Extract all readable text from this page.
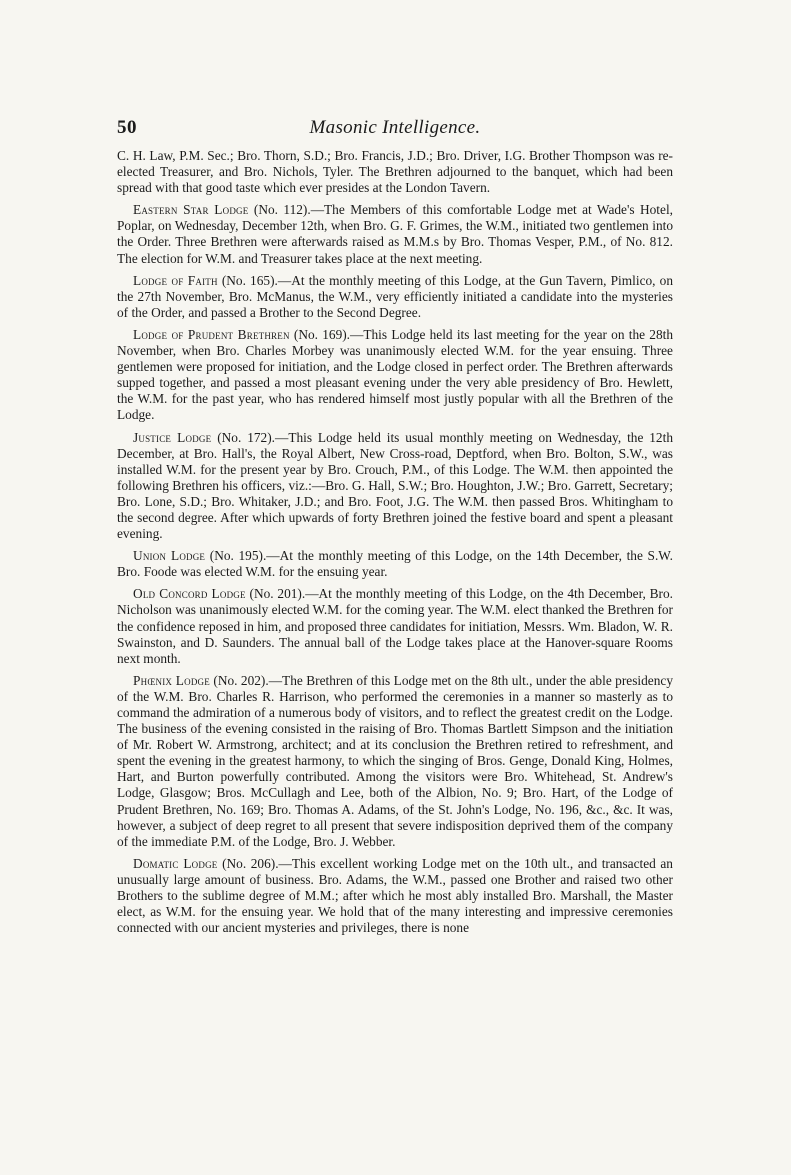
50	Masonic Intelligence.

C. H. Law, P.M. Sec.; Bro. Thorn, S.D.; Bro. Francis, J.D.; Bro. Driver, I.G. Brother Thompson was re-elected Treasurer, and Bro. Nichols, Tyler. The Brethren adjourned to the banquet, which had been spread with that good taste which ever presides at the London Tavern.

Eastern Star Lodge (No. 112).—The Members of this comfortable Lodge met at Wade's Hotel, Poplar, on Wednesday, December 12th, when Bro. G. F. Grimes, the W.M., initiated two gentlemen into the Order. Three Brethren were afterwards raised as M.M.s by Bro. Thomas Vesper, P.M., of No. 812. The election for W.M. and Treasurer takes place at the next meeting.

Lodge of Faith (No. 165).—At the monthly meeting of this Lodge, at the Gun Tavern, Pimlico, on the 27th November, Bro. McManus, the W.M., very efficiently initiated a candidate into the mysteries of the Order, and passed a Brother to the Second Degree.

Lodge of Prudent Brethren (No. 169).—This Lodge held its last meeting for the year on the 28th November, when Bro. Charles Morbey was unanimously elected W.M. for the year ensuing. Three gentlemen were proposed for initiation, and the Lodge closed in perfect order. The Brethren afterwards supped together, and passed a most pleasant evening under the very able presidency of Bro. Hewlett, the W.M. for the past year, who has rendered himself most justly popular with all the Brethren of the Lodge.

Justice Lodge (No. 172).—This Lodge held its usual monthly meeting on Wednesday, the 12th December, at Bro. Hall's, the Royal Albert, New Cross-road, Deptford, when Bro. Bolton, S.W., was installed W.M. for the present year by Bro. Crouch, P.M., of this Lodge. The W.M. then appointed the following Brethren his officers, viz.:—Bro. G. Hall, S.W.; Bro. Houghton, J.W.; Bro. Garrett, Secretary; Bro. Lone, S.D.; Bro. Whitaker, J.D.; and Bro. Foot, J.G. The W.M. then passed Bros. Whitingham to the second degree. After which upwards of forty Brethren joined the festive board and spent a pleasant evening.

Union Lodge (No. 195).—At the monthly meeting of this Lodge, on the 14th December, the S.W. Bro. Foode was elected W.M. for the ensuing year.

Old Concord Lodge (No. 201).—At the monthly meeting of this Lodge, on the 4th December, Bro. Nicholson was unanimously elected W.M. for the coming year. The W.M. elect thanked the Brethren for the confidence reposed in him, and proposed three candidates for initiation, Messrs. Wm. Bladon, W. R. Swainston, and D. Saunders. The annual ball of the Lodge takes place at the Hanover-square Rooms next month.

Phœnix Lodge (No. 202).—The Brethren of this Lodge met on the 8th ult., under the able presidency of the W.M. Bro. Charles R. Harrison, who performed the ceremonies in a manner so masterly as to command the admiration of a numerous body of visitors, and to reflect the greatest credit on the Lodge. The business of the evening consisted in the raising of Bro. Thomas Bartlett Simpson and the initiation of Mr. Robert W. Armstrong, architect; and at its conclusion the Brethren retired to refreshment, and spent the evening in the greatest harmony, to which the singing of Bros. Genge, Donald King, Holmes, Hart, and Burton powerfully contributed. Among the visitors were Bro. Whitehead, St. Andrew's Lodge, Glasgow; Bros. McCullagh and Lee, both of the Albion, No. 9; Bro. Hart, of the Lodge of Prudent Brethren, No. 169; Bro. Thomas A. Adams, of the St. John's Lodge, No. 196, &c., &c. It was, however, a subject of deep regret to all present that severe indisposition deprived them of the company of the immediate P.M. of the Lodge, Bro. J. Webber.

Domatic Lodge (No. 206).—This excellent working Lodge met on the 10th ult., and transacted an unusually large amount of business. Bro. Adams, the W.M., passed one Brother and raised two other Brothers to the sublime degree of M.M.; after which he most ably installed Bro. Marshall, the Master elect, as W.M. for the ensuing year. We hold that of the many interesting and impressive ceremonies connected with our ancient mysteries and privileges, there is none
